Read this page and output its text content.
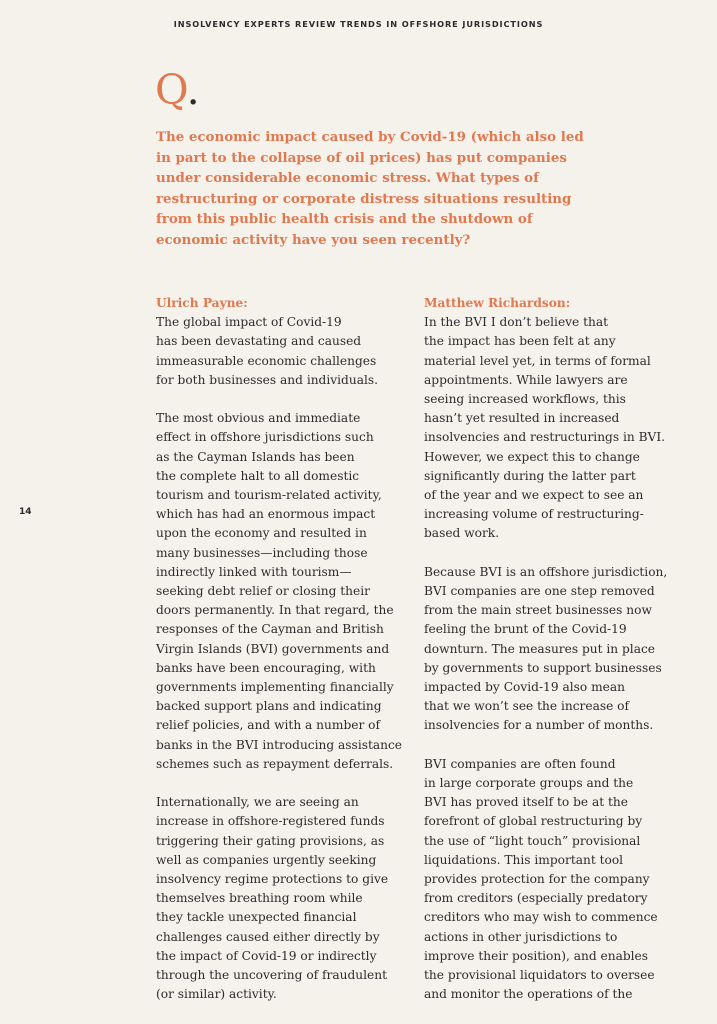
INSOLVENCY EXPERTS REVIEW TRENDS IN OFFSHORE JURISDICTIONS
Q.
The economic impact caused by Covid-19 (which also led
in part to the collapse of oil prices) has put companies
under considerable economic stress. What types of
restructuring or corporate distress situations resulting
from this public health crisis and the shutdown of
economic activity have you seen recently?
14
Ulrich Payne:
The global impact of Covid-19
has been devastating and caused
immeasurable economic challenges
for both businesses and individuals.
The most obvious and immediate
effect in offshore jurisdictions such
as the Cayman Islands has been
the complete halt to all domestic
tourism and tourism-related activity,
which has had an enormous impact
upon the economy and resulted in
many businesses—including those
indirectly linked with tourism—
seeking debt relief or closing their
doors permanently. In that regard, the
responses of the Cayman and British
Virgin Islands (BVI) governments and
banks have been encouraging, with
governments implementing financially
backed support plans and indicating
relief policies, and with a number of
banks in the BVI introducing assistance
schemes such as repayment deferrals.
Internationally, we are seeing an
increase in offshore-registered funds
triggering their gating provisions, as
well as companies urgently seeking
insolvency regime protections to give
themselves breathing room while
they tackle unexpected financial
challenges caused either directly by
the impact of Covid-19 or indirectly
through the uncovering of fraudulent
(or similar) activity.
Matthew Richardson:
In the BVI I don’t believe that
the impact has been felt at any
material level yet, in terms of formal
appointments. While lawyers are
seeing increased workflows, this
hasn’t yet resulted in increased
insolvencies and restructurings in BVI.
However, we expect this to change
significantly during the latter part
of the year and we expect to see an
increasing volume of restructuring-
based work.
Because BVI is an offshore jurisdiction,
BVI companies are one step removed
from the main street businesses now
feeling the brunt of the Covid-19
downturn. The measures put in place
by governments to support businesses
impacted by Covid-19 also mean
that we won’t see the increase of
insolvencies for a number of months.
BVI companies are often found
in large corporate groups and the
BVI has proved itself to be at the
forefront of global restructuring by
the use of “light touch” provisional
liquidations. This important tool
provides protection for the company
from creditors (especially predatory
creditors who may wish to commence
actions in other jurisdictions to
improve their position), and enables
the provisional liquidators to oversee
and monitor the operations of the
